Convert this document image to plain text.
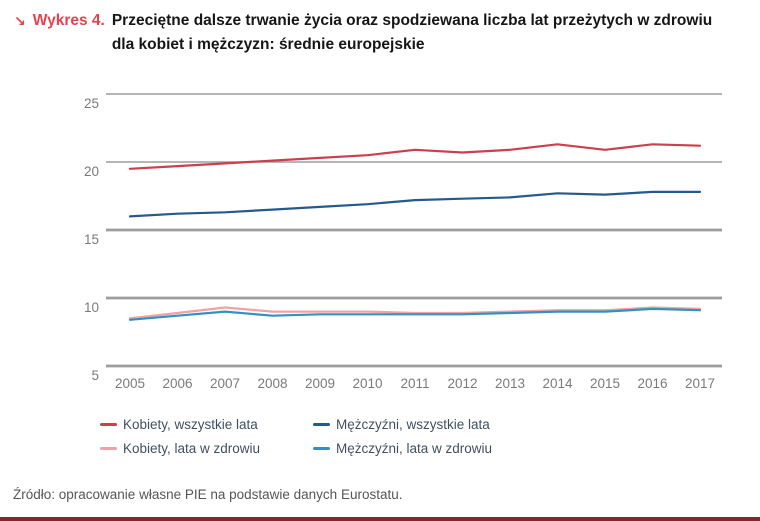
↘ Wykres 4. Przeciętne dalsze trwanie życia oraz spodziewana liczba lat przeżytych w zdrowiu
dla kobiet i mężczyzn: średnie europejskie
25
20
15
10
5
2005 2006 2007 2008 2009 2010 2011 2012 2013 2014 2015 2016 2017
Kobiety, wszystkie lata
Kobiety, lata w zdrowiu
Mężczyźni, wszystkie lata
Mężczyźni, lata w zdrowiu
Źródło: opracowanie własne PIE na podstawie danych Eurostatu.
